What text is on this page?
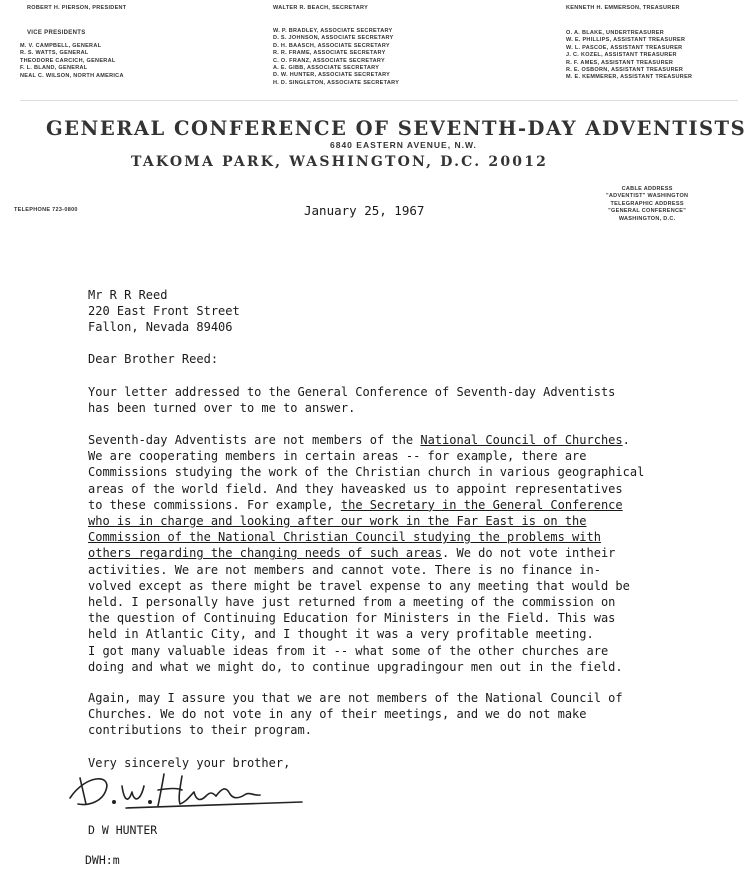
ROBERT H. PIERSON, PRESIDENT	WALTER R. BEACH, SECRETARY	KENNETH H. EMMERSON, TREASURER
VICE PRESIDENTS
M. V. CAMPBELL, GENERAL
R. S. WATTS, GENERAL
THEODORE CARCICH, GENERAL
F. L. BLAND, GENERAL
NEAL C. WILSON, NORTH AMERICA
W. P. BRADLEY, ASSOCIATE SECRETARY
D. S. JOHNSON, ASSOCIATE SECRETARY
D. H. BAASCH, ASSOCIATE SECRETARY
R. R. FRAME, ASSOCIATE SECRETARY
C. O. FRANZ, ASSOCIATE SECRETARY
A. E. GIBB, ASSOCIATE SECRETARY
D. W. HUNTER, ASSOCIATE SECRETARY
H. D. SINGLETON, ASSOCIATE SECRETARY
O. A. BLAKE, UNDERTREASURER
W. E. PHILLIPS, ASSISTANT TREASURER
W. L. PASCOE, ASSISTANT TREASURER
J. C. KOZEL, ASSISTANT TREASURER
R. F. AMES, ASSISTANT TREASURER
R. E. OSBORN, ASSISTANT TREASURER
M. E. KEMMERER, ASSISTANT TREASURER
GENERAL CONFERENCE OF SEVENTH-DAY ADVENTISTS
6840 EASTERN AVENUE, N.W.
TAKOMA PARK, WASHINGTON, D.C. 20012
TELEPHONE 723-0800
CABLE ADDRESS
"ADVENTIST" WASHINGTON
TELEGRAPHIC ADDRESS
"GENERAL CONFERENCE"
WASHINGTON, D.C.
January 25, 1967
Mr R R Reed
220 East Front Street
Fallon, Nevada 89406
Dear Brother Reed:
Your letter addressed to the General Conference of Seventh-day Adventists
has been turned over to me to answer.
Seventh-day Adventists are not members of the National Council of Churches.
We are cooperating members in certain areas -- for example, there are
Commissions studying the work of the Christian church in various geographical
areas of the world field. And they haveasked us to appoint representatives
to these commissions. For example, the Secretary in the General Conference
who is in charge and looking after our work in the Far East is on the
Commission of the National Christian Council studying the problems with
others regarding the changing needs of such areas. We do not vote intheir
activities. We are not members and cannot vote. There is no finance in-
volved except as there might be travel expense to any meeting that would be
held. I personally have just returned from a meeting of the commission on
the question of Continuing Education for Ministers in the Field. This was
held in Atlantic City, and I thought it was a very profitable meeting.
I got many valuable ideas from it -- what some of the other churches are
doing and what we might do, to continue upgradingour men out in the field.
Again, may I assure you that we are not members of the National Council of
Churches. We do not vote in any of their meetings, and we do not make
contributions to their program.
Very sincerely your brother,
D W HUNTER
DWH:m
